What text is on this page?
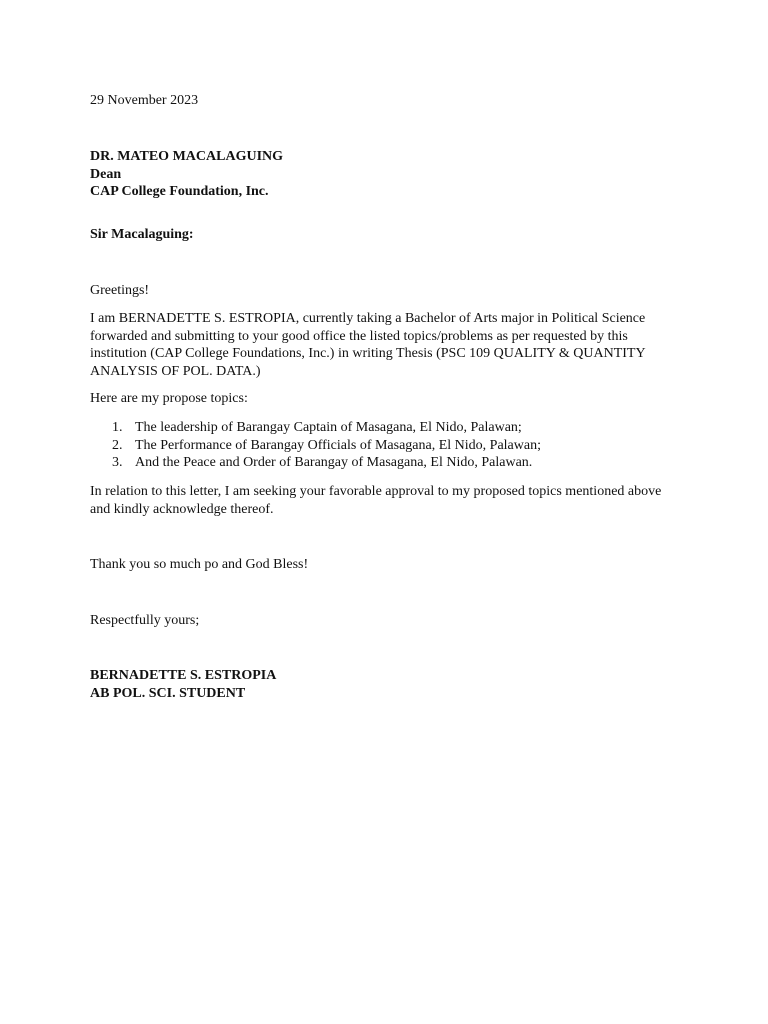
29 November 2023

DR. MATEO MACALAGUING
Dean
CAP College Foundation, Inc.

Sir Macalaguing:

Greetings!

I am BERNADETTE S. ESTROPIA, currently taking a Bachelor of Arts major in Political Science forwarded and submitting to your good office the listed topics/problems as per requested by this institution (CAP College Foundations, Inc.) in writing Thesis (PSC 109 QUALITY & QUANTITY ANALYSIS OF POL. DATA.)

Here are my propose topics:

1. The leadership of Barangay Captain of Masagana, El Nido, Palawan;
2. The Performance of Barangay Officials of Masagana, El Nido, Palawan;
3. And the Peace and Order of Barangay of Masagana, El Nido, Palawan.

In relation to this letter, I am seeking your favorable approval to my proposed topics mentioned above and kindly acknowledge thereof.

Thank you so much po and God Bless!

Respectfully yours;

BERNADETTE S. ESTROPIA
AB POL. SCI. STUDENT
